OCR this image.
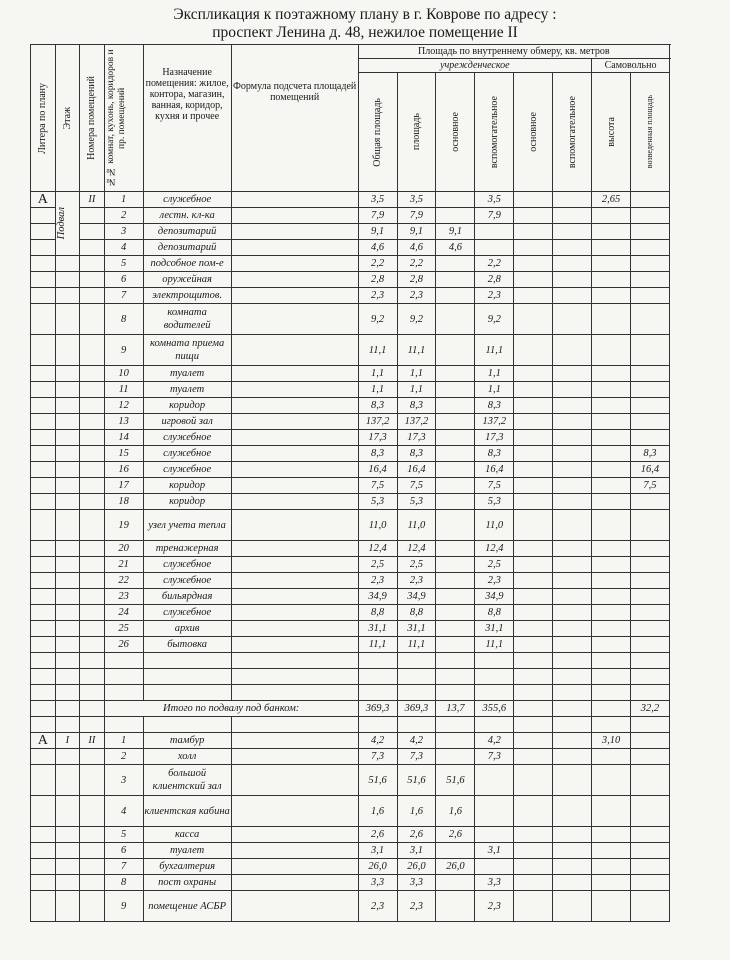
Экспликация к поэтажному плану в г. Коврове по адресу :
проспект Ленина д. 48, нежилое помещение II
Литера по плану	Этаж	Номера помещений	№№ комнат, кухонь, коридоров и пр. помещений	Назначение помещения: жилое, контора, магазин, ванная, коридор, кухня и прочее	Формула подсчета площадей помещений	Площадь по внутреннему обмеру, кв. метров								
						учрежденческое						Самовольно		

						Общая площадь	площадь	основное	вспомогательное	основное	вспомогательное	высота	возведенная площадь

А	Подвал	II	1	служебное		3,5	3,5		3,5			2,65		
			2	лестн. кл-ка		7,9	7,9		7,9					
			3	депозитарий		9,1	9,1	9,1						
			4	депозитарий		4,6	4,6	4,6						
			5	подсобное пом-е		2,2	2,2		2,2					
			6	оружейная		2,8	2,8		2,8					
			7	электрощитов.		2,3	2,3		2,3					
			8	комната водителей		9,2	9,2		9,2					
			9	комната приема пищи		11,1	11,1		11,1					
			10	туалет		1,1	1,1		1,1					
			11	туалет		1,1	1,1		1,1					
			12	коридор		8,3	8,3		8,3					
			13	игровой зал		137,2	137,2		137,2					
			14	служебное		17,3	17,3		17,3					
			15	служебное		8,3	8,3		8,3				8,3	
			16	служебное		16,4	16,4		16,4				16,4	
			17	коридор		7,5	7,5		7,5				7,5	
			18	коридор		5,3	5,3		5,3					
			19	узел учета тепла		11,0	11,0		11,0					
			20	тренажерная		12,4	12,4		12,4					
			21	служебное		2,5	2,5		2,5					
			22	служебное		2,3	2,3		2,3					
			23	бильярдная		34,9	34,9		34,9					
			24	служебное		8,8	8,8		8,8					
			25	архив		31,1	31,1		31,1					
			26	бытовка		11,1	11,1		11,1					

			Итого по подвалу под банком:			369,3	369,3	13,7	355,6				32,2	

А	I	II	1	тамбур		4,2	4,2		4,2			3,10		
			2	холл		7,3	7,3		7,3					
			3	большой клиентский зал		51,6	51,6	51,6						
			4	клиентская кабина		1,6	1,6	1,6						
			5	касса		2,6	2,6	2,6						
			6	туалет		3,1	3,1		3,1					
			7	бухгалтерия		26,0	26,0	26,0						
			8	пост охраны		3,3	3,3		3,3					
			9	помещение АСБР		2,3	2,3		2,3					
